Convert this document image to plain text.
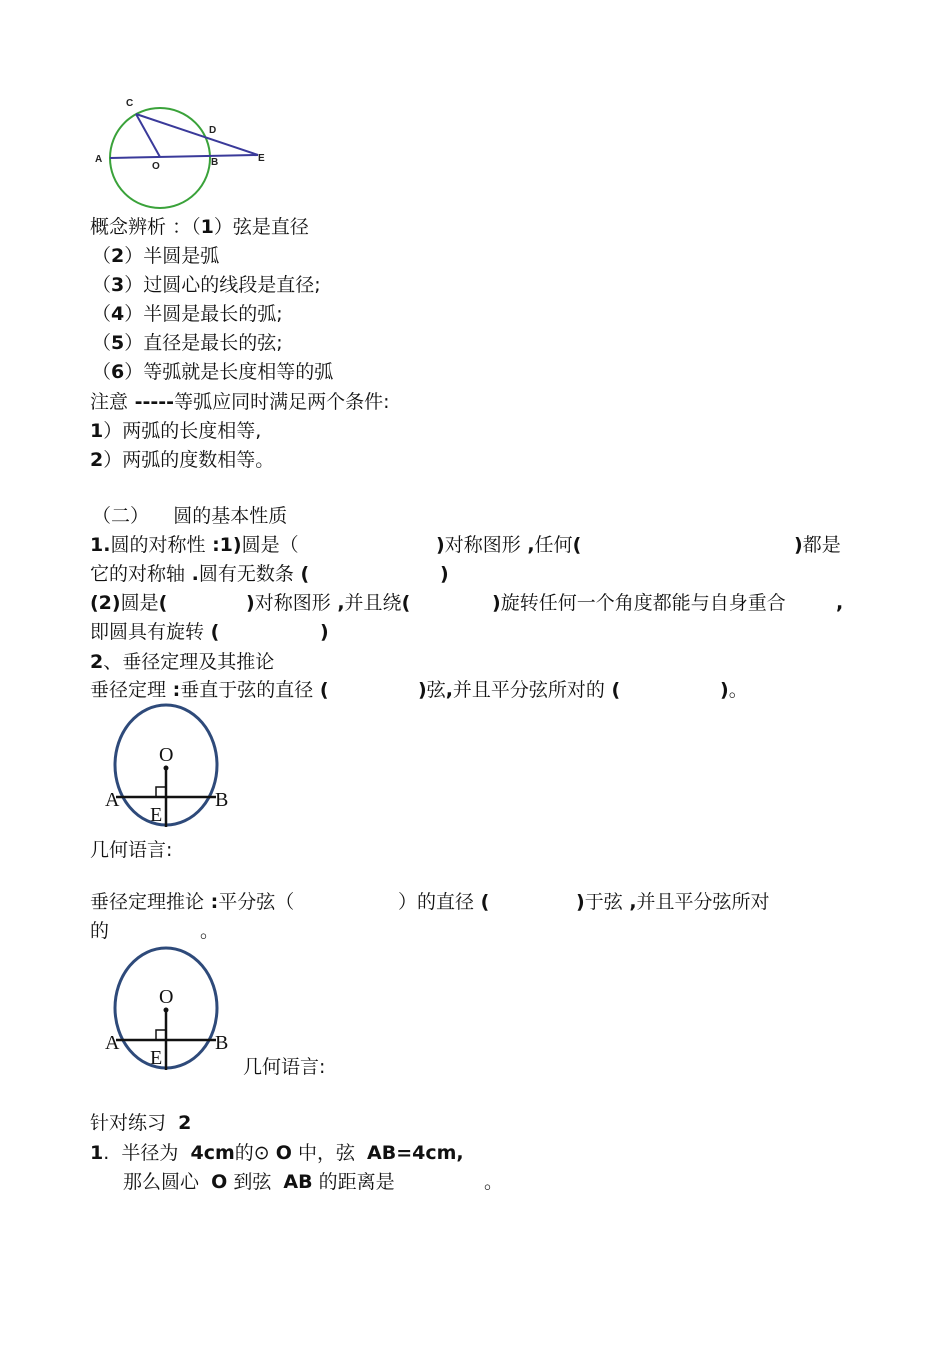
C
D
A
O	B	E
概念辨析 ：（1）弦是直径
（2）半圆是弧
（3）过圆心的线段是直径;
（4）半圆是最长的弧;
（5）直径是最长的弦;
（6）等弧就是长度相等的弧
注意 -----等弧应同时满足两个条件:
1）两弧的长度相等,
2）两弧的度数相等。
（二） 圆的基本性质
1.圆的对称性 :1)圆是（	)对称图形 ,任何(	)都是
它的对称轴 .圆有无数条 (	)
(2)圆是(	)对称图形 ,并且绕(	)旋转任何一个角度都能与自身重合	,
即圆具有旋转 (	)
2、垂径定理及其推论
垂径定理 :垂直于弦的直径 (	)弦,并且平分弦所对的 (	)。
O
A
E
B
几何语言:
垂径定理推论 :平分弦（	）的直径 (	)于弦 ,并且平分弦所对
的	。
O
A
E
B
几何语言:
针对练习 2
1. 半径为 4cm的⊙ O 中，弦 AB=4cm,
那么圆心 O 到弦 AB 的距离是	。
